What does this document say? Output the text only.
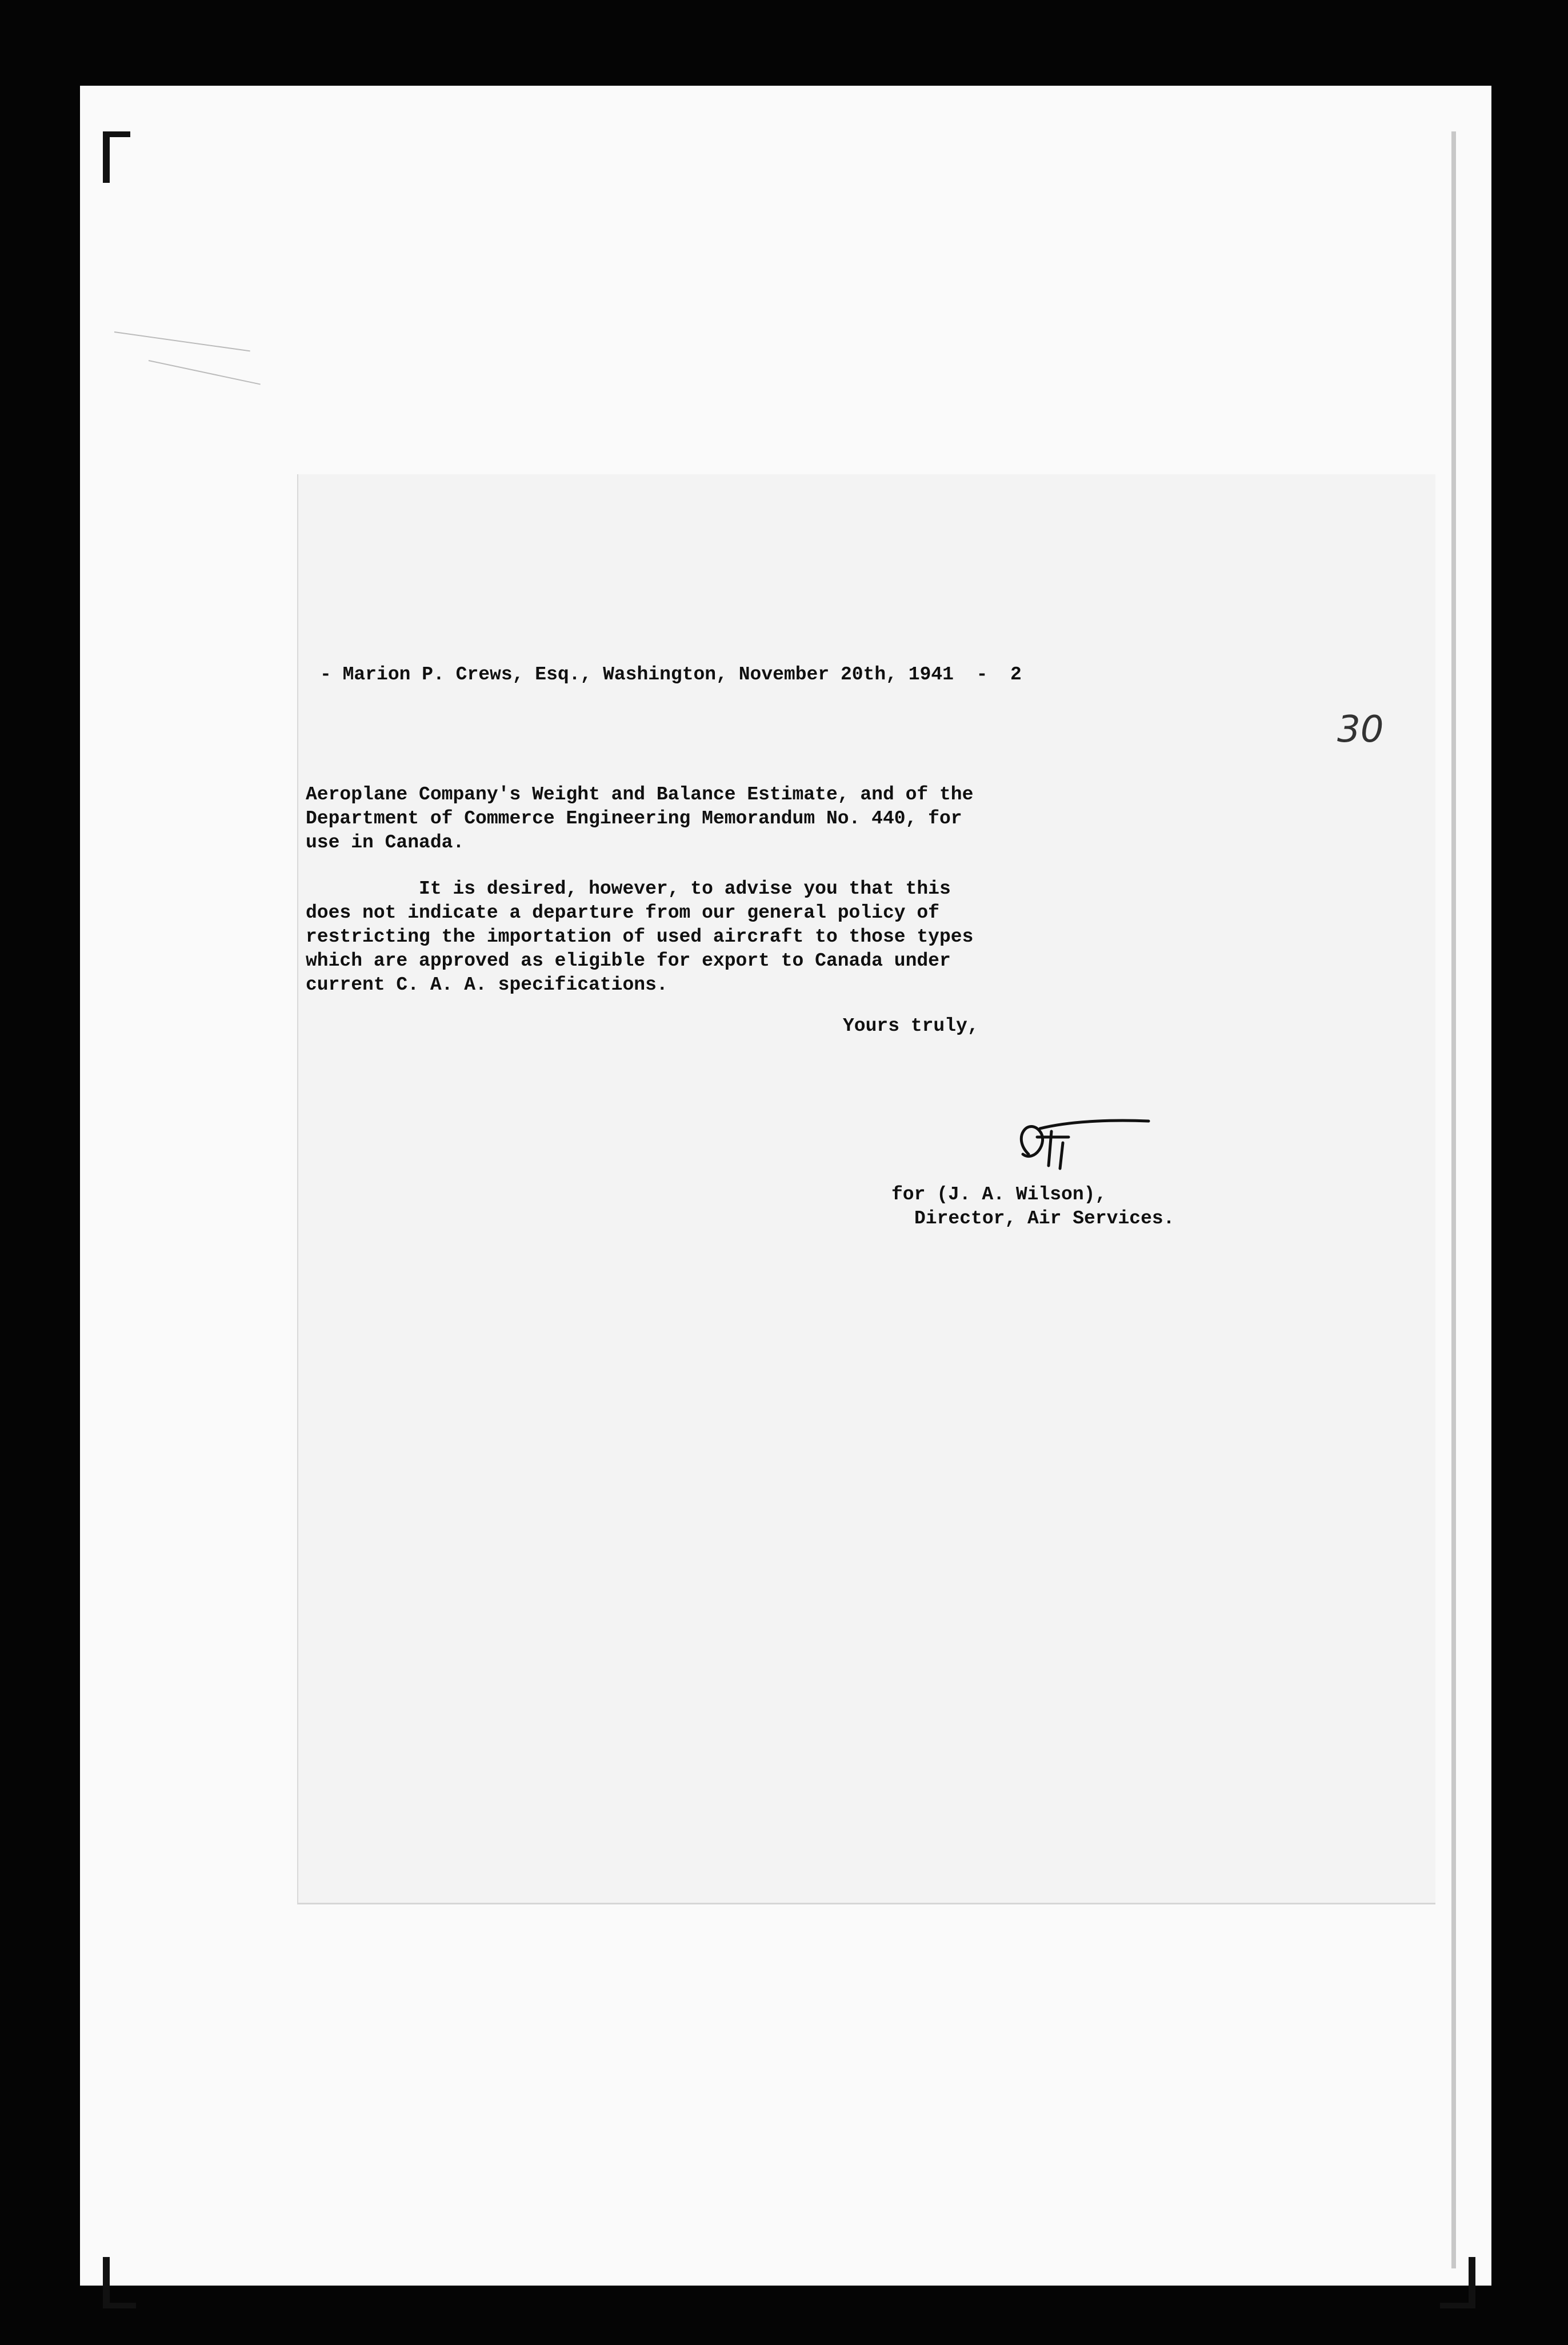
- Marion P. Crews, Esq., Washington, November 20th, 1941  -  2
Aeroplane Company's Weight and Balance Estimate, and of the
Department of Commerce Engineering Memorandum No. 440, for
use in Canada.
It is desired, however, to advise you that this
does not indicate a departure from our general policy of
restricting the importation of used aircraft to those types
which are approved as eligible for export to Canada under
current C. A. A. specifications.
Yours truly,
for (J. A. Wilson),
Director, Air Services.
30
